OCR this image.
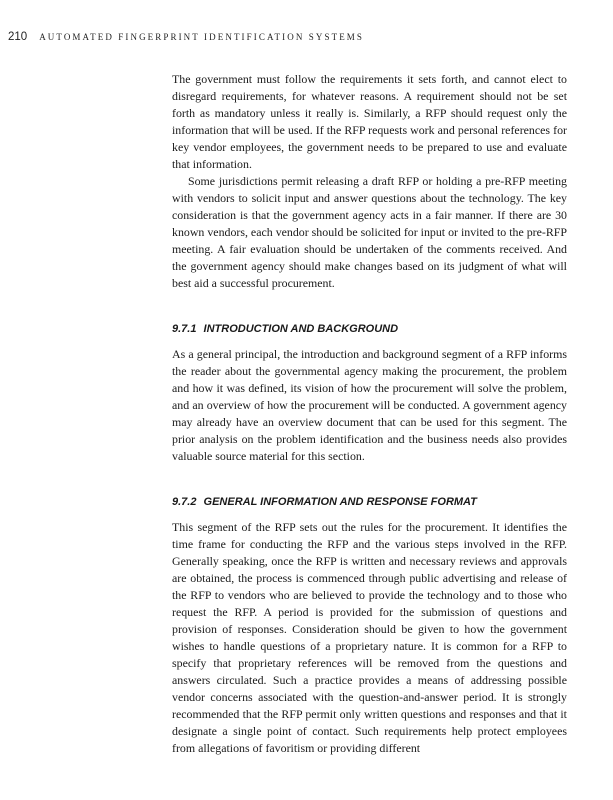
210 AUTOMATED FINGERPRINT IDENTIFICATION SYSTEMS

The government must follow the requirements it sets forth, and cannot elect to disregard requirements, for whatever reasons. A requirement should not be set forth as mandatory unless it really is. Similarly, a RFP should request only the information that will be used. If the RFP requests work and personal references for key vendor employees, the government needs to be prepared to use and evaluate that information.

Some jurisdictions permit releasing a draft RFP or holding a pre-RFP meeting with vendors to solicit input and answer questions about the technology. The key consideration is that the government agency acts in a fair manner. If there are 30 known vendors, each vendor should be solicited for input or invited to the pre-RFP meeting. A fair evaluation should be undertaken of the comments received. And the government agency should make changes based on its judgment of what will best aid a successful procurement.

9.7.1 INTRODUCTION AND BACKGROUND

As a general principal, the introduction and background segment of a RFP informs the reader about the governmental agency making the procurement, the problem and how it was defined, its vision of how the procurement will solve the problem, and an overview of how the procurement will be conducted. A government agency may already have an overview document that can be used for this segment. The prior analysis on the problem identification and the business needs also provides valuable source material for this section.

9.7.2 GENERAL INFORMATION AND RESPONSE FORMAT

This segment of the RFP sets out the rules for the procurement. It identifies the time frame for conducting the RFP and the various steps involved in the RFP. Generally speaking, once the RFP is written and necessary reviews and approvals are obtained, the process is commenced through public advertising and release of the RFP to vendors who are believed to provide the technology and to those who request the RFP. A period is provided for the submission of questions and provision of responses. Consideration should be given to how the government wishes to handle questions of a proprietary nature. It is common for a RFP to specify that proprietary references will be removed from the questions and answers circulated. Such a practice provides a means of addressing possible vendor concerns associated with the question-and-answer period. It is strongly recommended that the RFP permit only written questions and responses and that it designate a single point of contact. Such requirements help protect employees from allegations of favoritism or providing different
